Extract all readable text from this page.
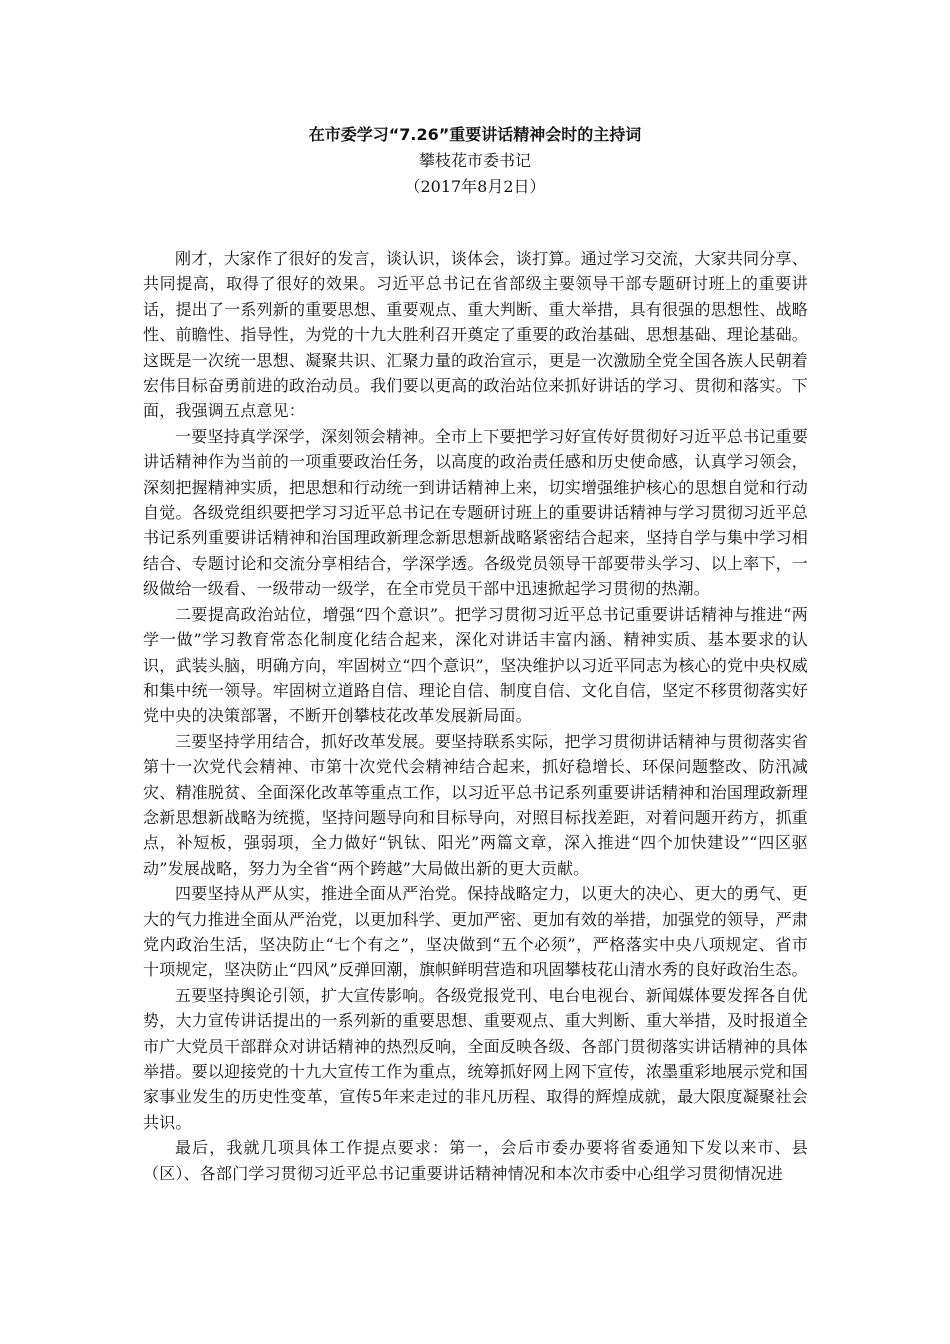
在市委学习“7.26”重要讲话精神会时的主持词

攀枝花市委书记

（2017年8月2日）

刚才，大家作了很好的发言，谈认识，谈体会，谈打算。通过学习交流，大家共同分享、共同提高，取得了很好的效果。习近平总书记在省部级主要领导干部专题研讨班上的重要讲话，提出了一系列新的重要思想、重要观点、重大判断、重大举措，具有很强的思想性、战略性、前瞻性、指导性，为党的十九大胜利召开奠定了重要的政治基础、思想基础、理论基础。这既是一次统一思想、凝聚共识、汇聚力量的政治宣示，更是一次激励全党全国各族人民朝着宏伟目标奋勇前进的政治动员。我们要以更高的政治站位来抓好讲话的学习、贯彻和落实。下面，我强调五点意见：

一要坚持真学深学，深刻领会精神。全市上下要把学习好宣传好贯彻好习近平总书记重要讲话精神作为当前的一项重要政治任务，以高度的政治责任感和历史使命感，认真学习领会，深刻把握精神实质，把思想和行动统一到讲话精神上来，切实增强维护核心的思想自觉和行动自觉。各级党组织要把学习习近平总书记在专题研讨班上的重要讲话精神与学习贯彻习近平总书记系列重要讲话精神和治国理政新理念新思想新战略紧密结合起来，坚持自学与集中学习相结合、专题讨论和交流分享相结合，学深学透。各级党员领导干部要带头学习、以上率下，一级做给一级看、一级带动一级学，在全市党员干部中迅速掀起学习贯彻的热潮。

二要提高政治站位，增强“四个意识”。把学习贯彻习近平总书记重要讲话精神与推进“两学一做”学习教育常态化制度化结合起来，深化对讲话丰富内涵、精神实质、基本要求的认识，武装头脑，明确方向，牢固树立“四个意识”，坚决维护以习近平同志为核心的党中央权威和集中统一领导。牢固树立道路自信、理论自信、制度自信、文化自信，坚定不移贯彻落实好党中央的决策部署，不断开创攀枝花改革发展新局面。

三要坚持学用结合，抓好改革发展。要坚持联系实际，把学习贯彻讲话精神与贯彻落实省第十一次党代会精神、市第十次党代会精神结合起来，抓好稳增长、环保问题整改、防汛减灾、精准脱贫、全面深化改革等重点工作，以习近平总书记系列重要讲话精神和治国理政新理念新思想新战略为统揽，坚持问题导向和目标导向，对照目标找差距，对着问题开药方，抓重点，补短板，强弱项，全力做好“钒钛、阳光”两篇文章，深入推进“四个加快建设”“四区驱动”发展战略，努力为全省“两个跨越”大局做出新的更大贡献。

四要坚持从严从实，推进全面从严治党。保持战略定力，以更大的决心、更大的勇气、更大的气力推进全面从严治党，以更加科学、更加严密、更加有效的举措，加强党的领导，严肃党内政治生活，坚决防止“七个有之”，坚决做到“五个必须”，严格落实中央八项规定、省市十项规定，坚决防止“四风”反弹回潮，旗帜鲜明营造和巩固攀枝花山清水秀的良好政治生态。

五要坚持舆论引领，扩大宣传影响。各级党报党刊、电台电视台、新闻媒体要发挥各自优势，大力宣传讲话提出的一系列新的重要思想、重要观点、重大判断、重大举措，及时报道全市广大党员干部群众对讲话精神的热烈反响，全面反映各级、各部门贯彻落实讲话精神的具体举措。要以迎接党的十九大宣传工作为重点，统筹抓好网上网下宣传，浓墨重彩地展示党和国家事业发生的历史性变革，宣传5年来走过的非凡历程、取得的辉煌成就，最大限度凝聚社会共识。

最后，我就几项具体工作提点要求：第一，会后市委办要将省委通知下发以来市、县（区）、各部门学习贯彻习近平总书记重要讲话精神情况和本次市委中心组学习贯彻情况进
